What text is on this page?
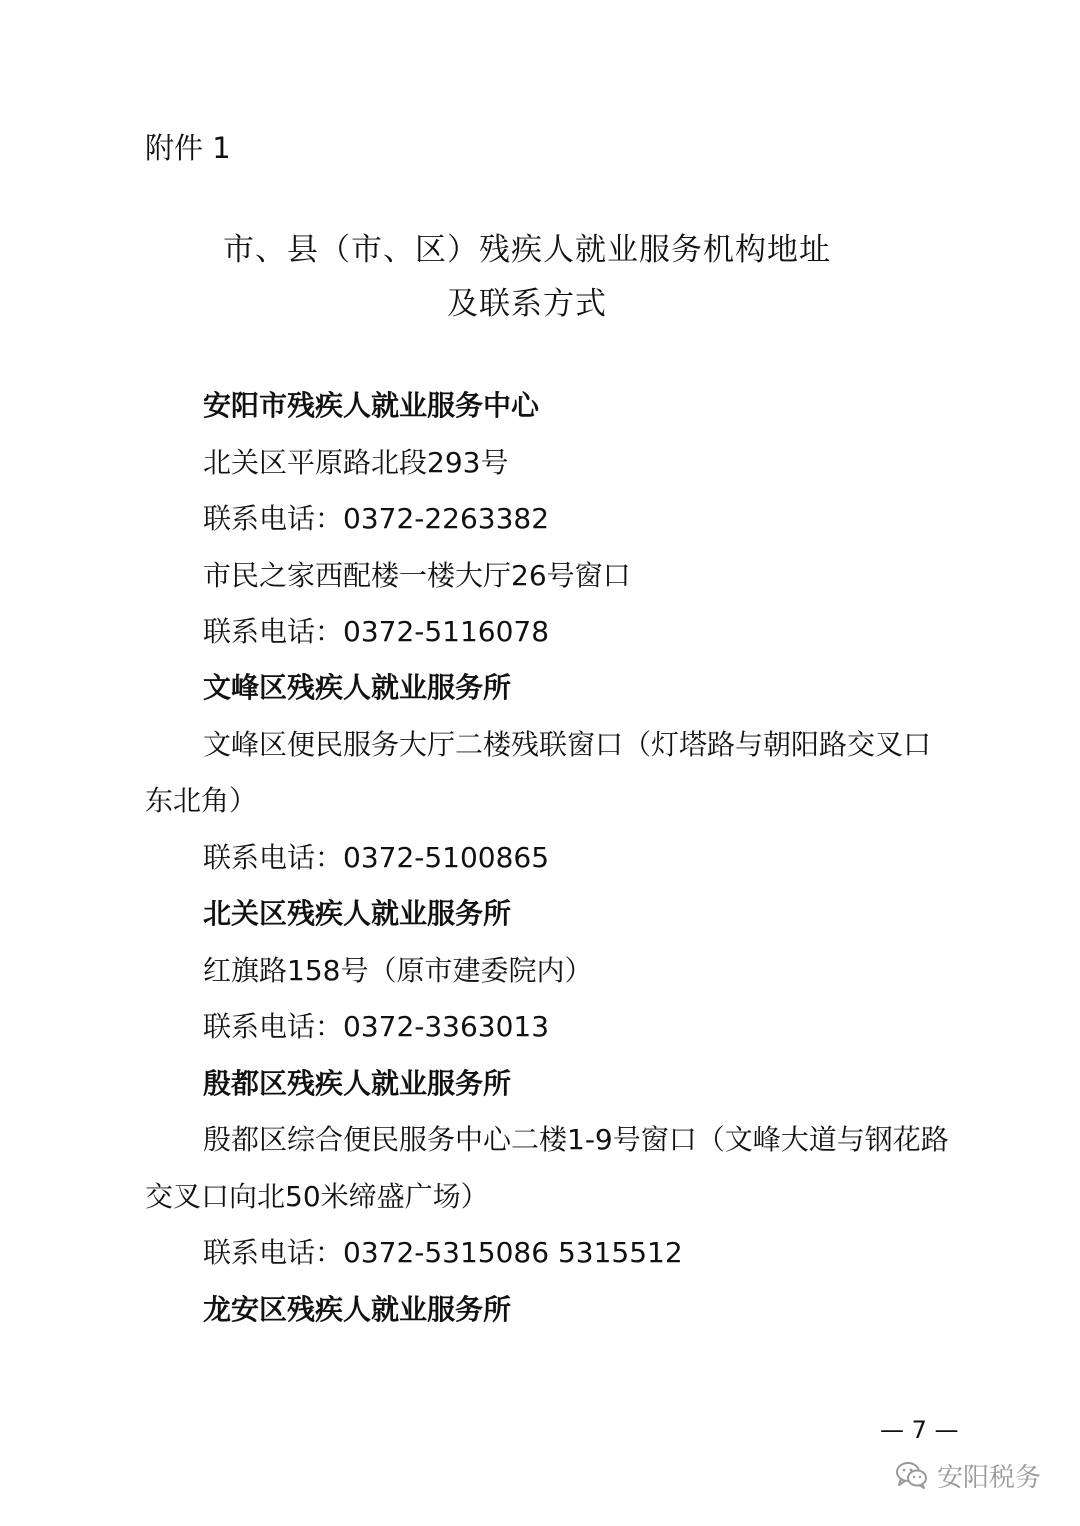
附件 1
市、县（市、区）残疾人就业服务机构地址
及联系方式
安阳市残疾人就业服务中心
北关区平原路北段293号
联系电话：0372-2263382
市民之家西配楼一楼大厅26号窗口
联系电话：0372-5116078
文峰区残疾人就业服务所
文峰区便民服务大厅二楼残联窗口（灯塔路与朝阳路交叉口
东北角）
联系电话：0372-5100865
北关区残疾人就业服务所
红旗路158号（原市建委院内）
联系电话：0372-3363013
殷都区残疾人就业服务所
殷都区综合便民服务中心二楼1-9号窗口（文峰大道与钢花路
交叉口向北50米缔盛广场）
联系电话：0372-5315086 5315512
龙安区残疾人就业服务所
— 7 —
安阳税务
